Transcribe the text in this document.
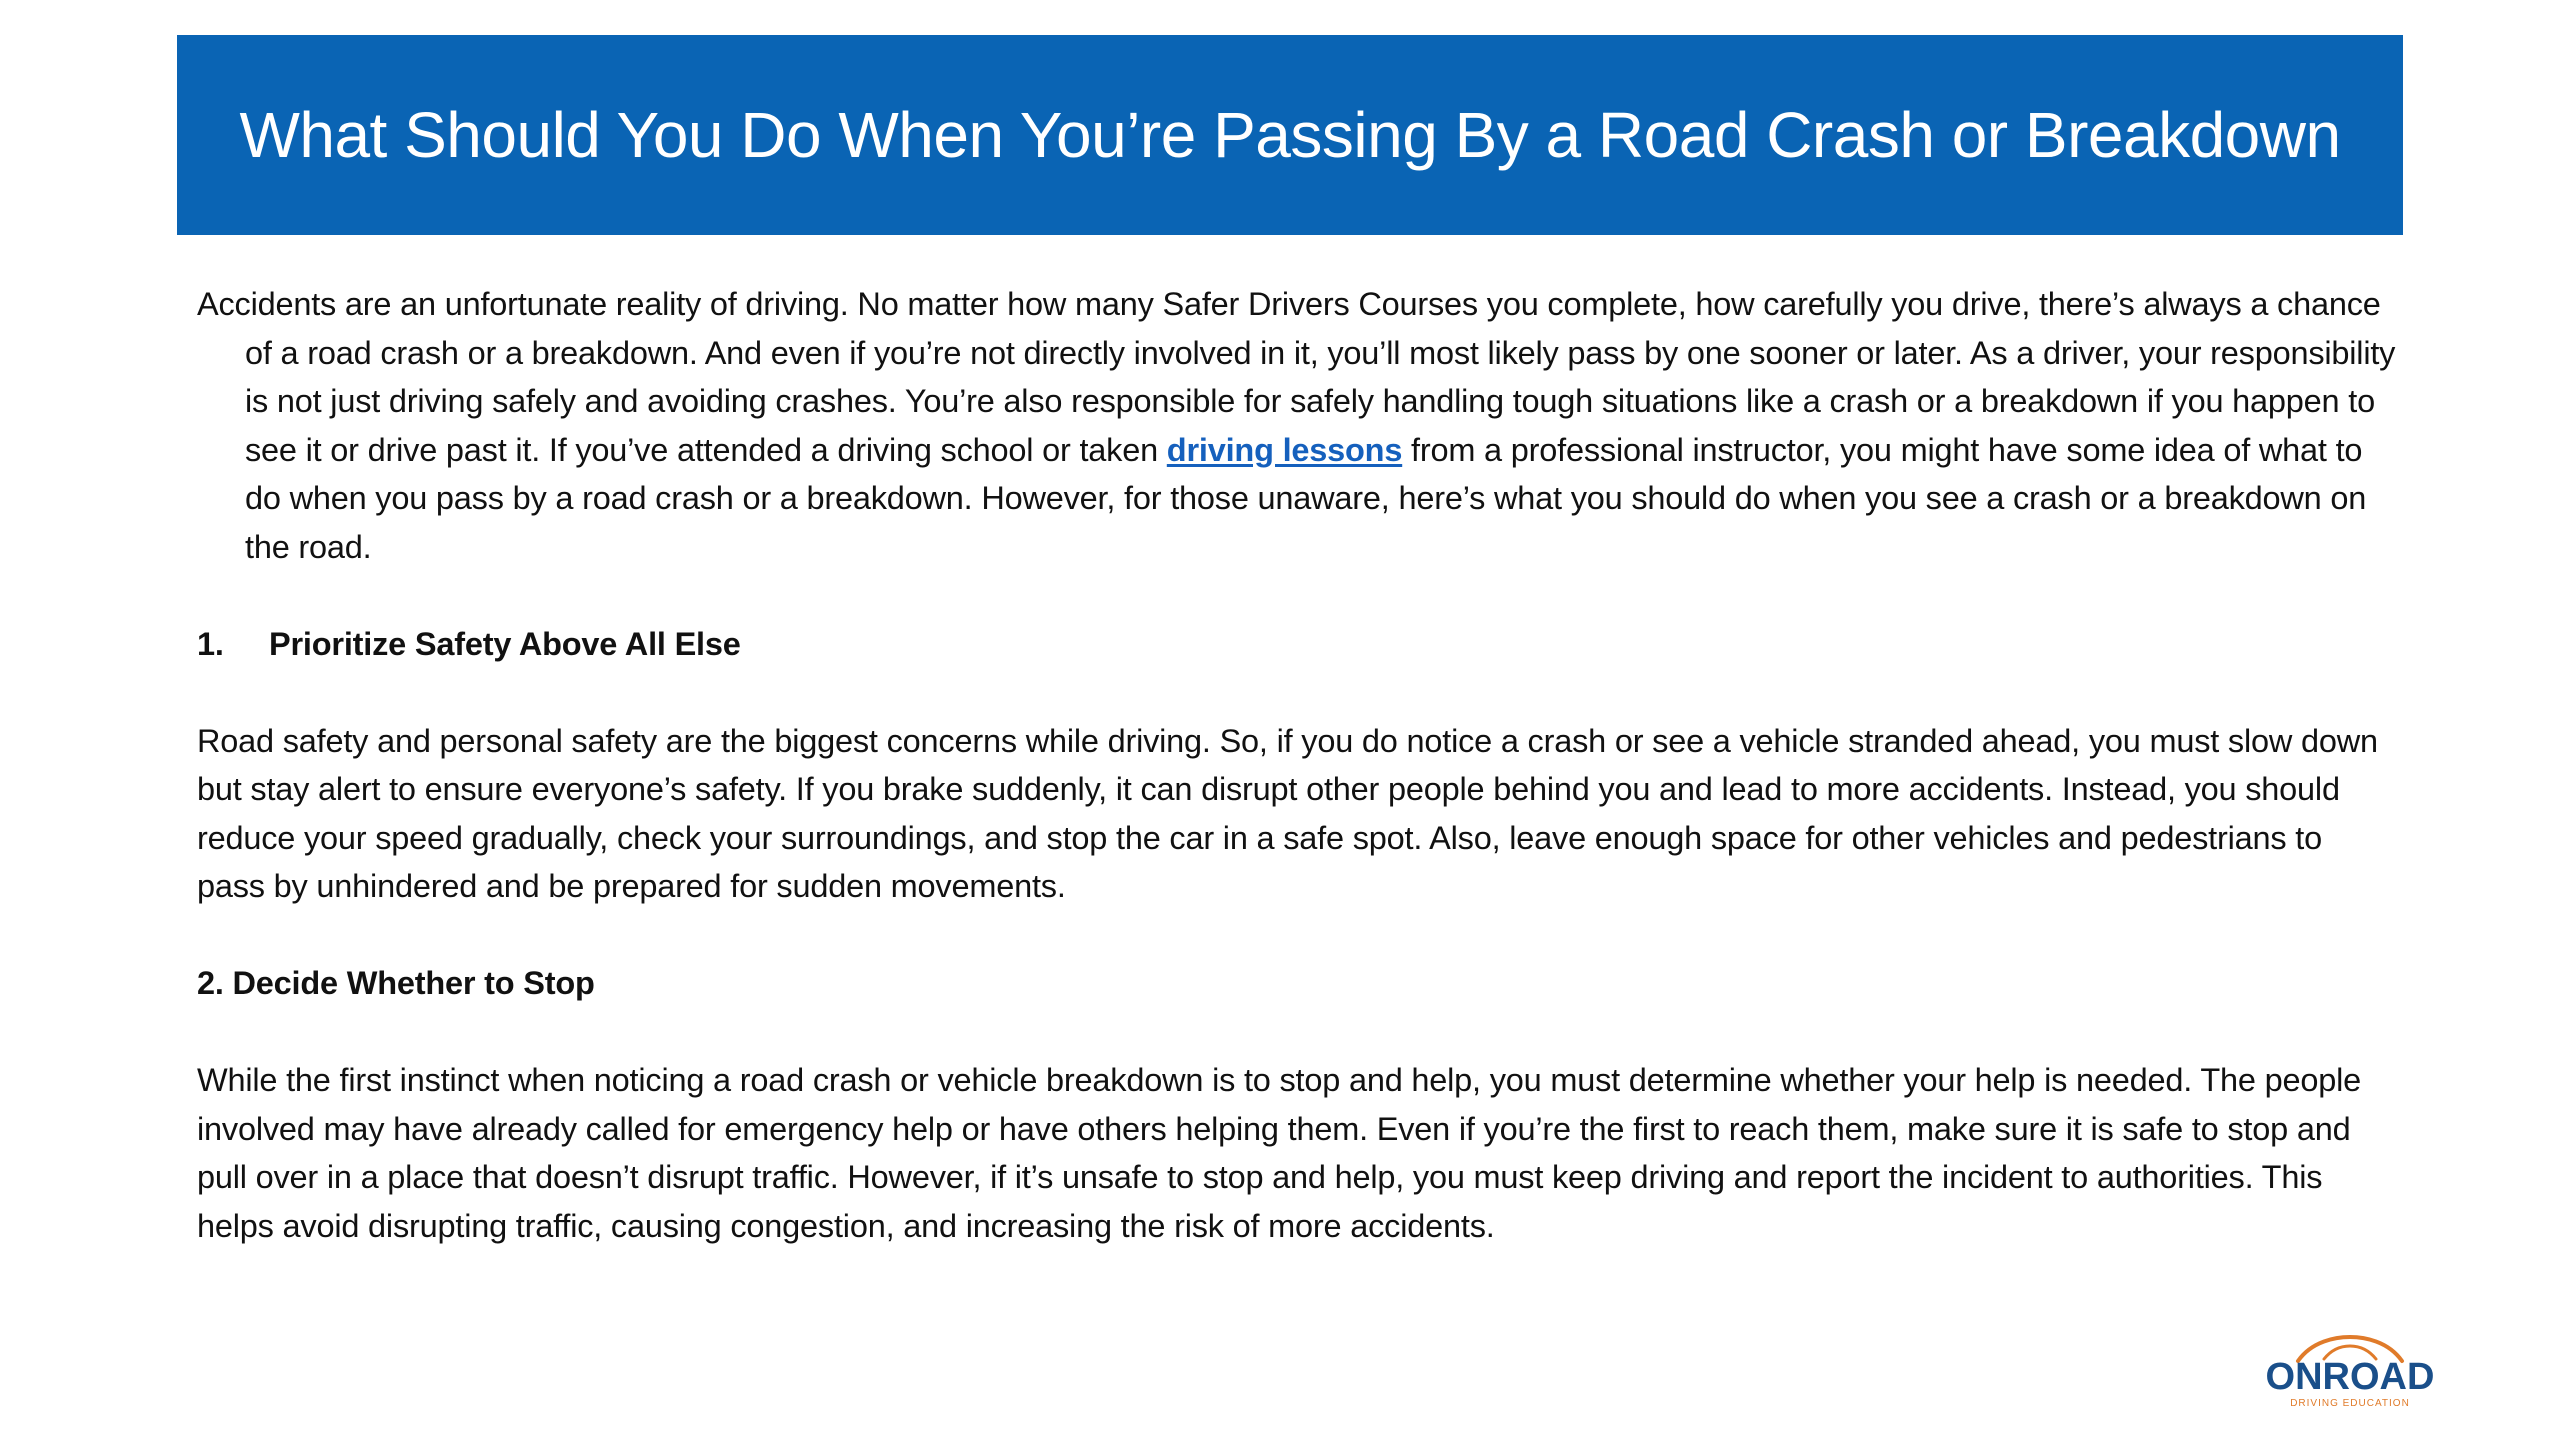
What Should You Do When You’re Passing By a Road Crash or Breakdown

Accidents are an unfortunate reality of driving. No matter how many Safer Drivers Courses you complete, how carefully you drive, there’s always a chance of a road crash or a breakdown. And even if you’re not directly involved in it, you’ll most likely pass by one sooner or later. As a driver, your responsibility is not just driving safely and avoiding crashes. You’re also responsible for safely handling tough situations like a crash or a breakdown if you happen to see it or drive past it. If you’ve attended a driving school or taken driving lessons from a professional instructor, you might have some idea of what to do when you pass by a road crash or a breakdown. However, for those unaware, here’s what you should do when you see a crash or a breakdown on the road.

1. Prioritize Safety Above All Else

Road safety and personal safety are the biggest concerns while driving. So, if you do notice a crash or see a vehicle stranded ahead, you must slow down but stay alert to ensure everyone’s safety. If you brake suddenly, it can disrupt other people behind you and lead to more accidents. Instead, you should reduce your speed gradually, check your surroundings, and stop the car in a safe spot. Also, leave enough space for other vehicles and pedestrians to pass by unhindered and be prepared for sudden movements.

2. Decide Whether to Stop

While the first instinct when noticing a road crash or vehicle breakdown is to stop and help, you must determine whether your help is needed. The people involved may have already called for emergency help or have others helping them. Even if you’re the first to reach them, make sure it is safe to stop and pull over in a place that doesn’t disrupt traffic. However, if it’s unsafe to stop and help, you must keep driving and report the incident to authorities. This helps avoid disrupting traffic, causing congestion, and increasing the risk of more accidents.

ONROAD
DRIVING EDUCATION
